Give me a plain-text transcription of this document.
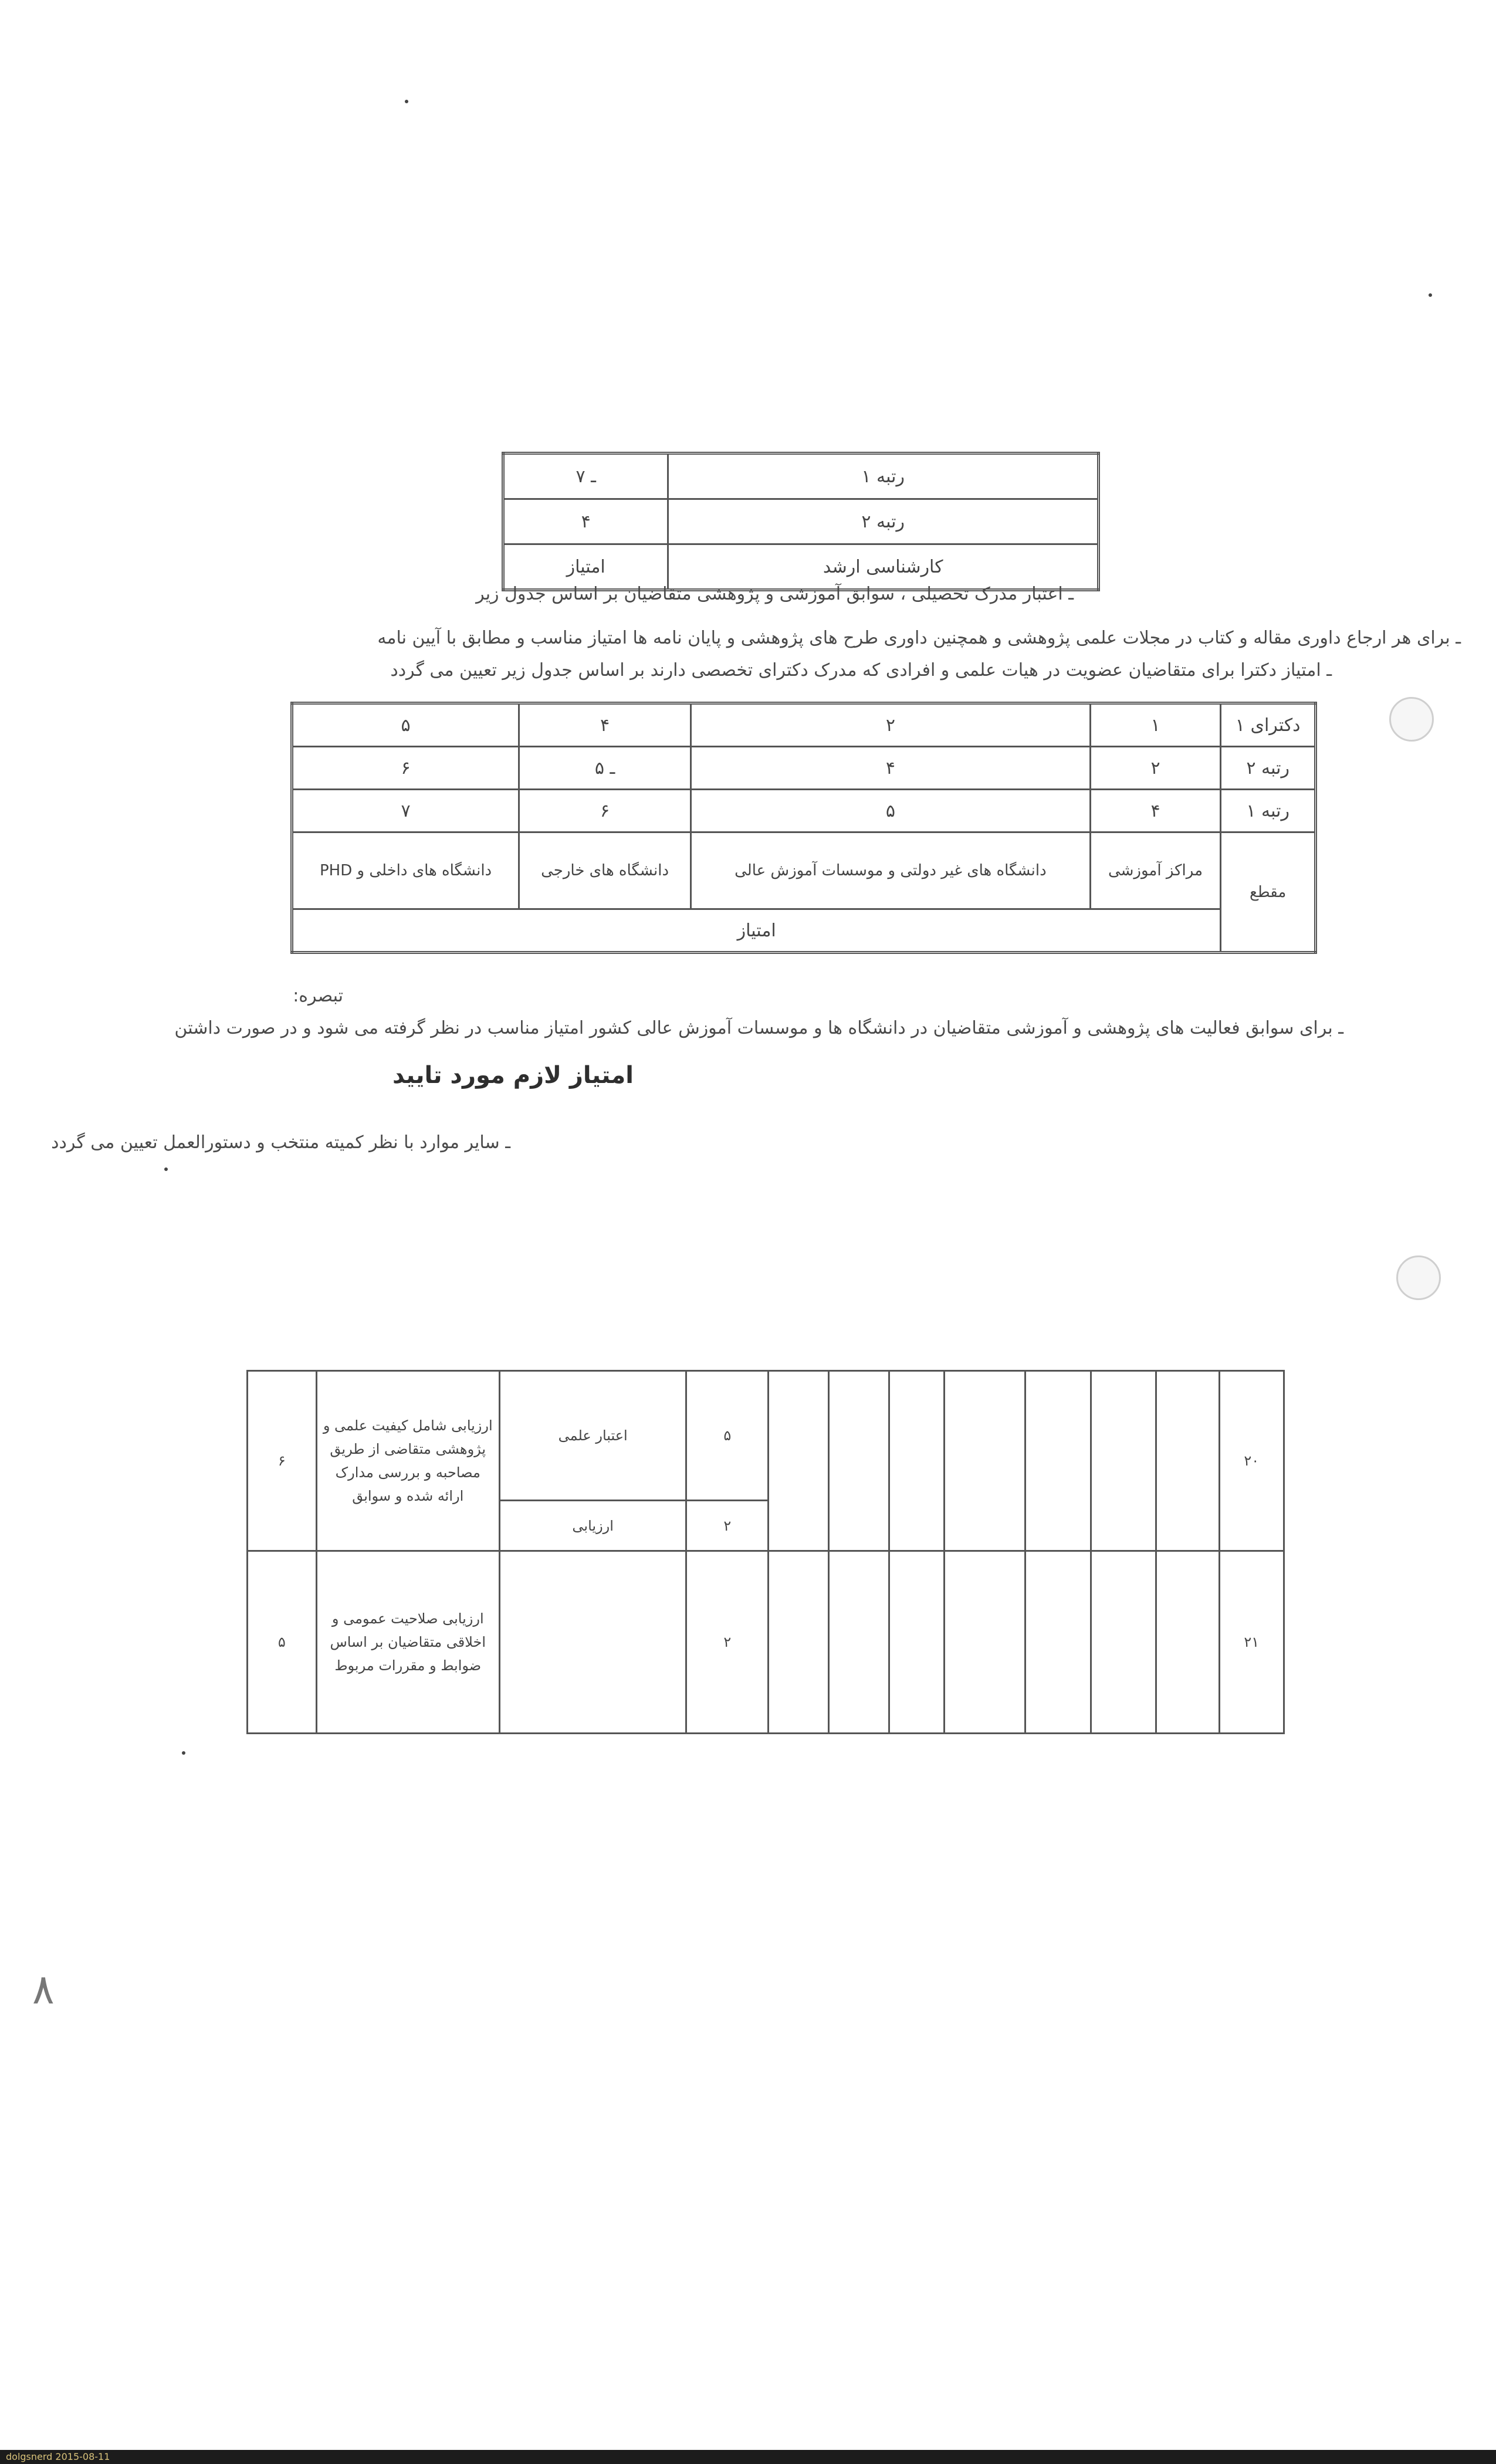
۷ ـ	رتبه ۱
۴	رتبه ۲
امتیاز	کارشناسی ارشد
ـ اعتبار مدرک تحصیلی ، سوابق آموزشی و پژوهشی متقاضیان بر اساس جدول زیر
ـ برای هر ارجاع داوری مقاله و کتاب در مجلات علمی پژوهشی و همچنین داوری طرح های پژوهشی و پایان نامه ها امتیاز مناسب و مطابق با آیین نامه
ـ امتیاز دکترا برای متقاضیان عضویت در هیات علمی و افرادی که مدرک دکترای تخصصی دارند بر اساس جدول زیر تعیین می گردد
۵	۴	۲	۱	دکترای ۱
۶	۵ ـ	۴	۲	رتبه ۲
۷	۶	۵	۴	رتبه ۱
PHD دانشگاه های داخلی و	دانشگاه های خارجی	دانشگاه های غیر دولتی و موسسات آموزش عالی	مراکز آموزشی	مقطع
امتیاز				
تبصره:
ـ برای سوابق فعالیت های پژوهشی و آموزشی متقاضیان در دانشگاه ها و موسسات آموزش عالی کشور امتیاز مناسب در نظر گرفته می شود و در صورت داشتن
امتیاز لازم مورد تایید
ـ سایر موارد با نظر کمیته منتخب و دستورالعمل تعیین می گردد
۶	ارزیابی شامل کیفیت علمی و پژوهشی متقاضی از طریق مصاحبه و بررسی مدارک ارائه شده و سوابق	اعتبار علمی	۵								۲۰
		ارزیابی	۲								
۵	ارزیابی صلاحیت عمومی و اخلاقی متقاضیان بر اساس ضوابط و مقررات مربوط		۲								۲۱
۸
dolgsnerd 2015-08-11
